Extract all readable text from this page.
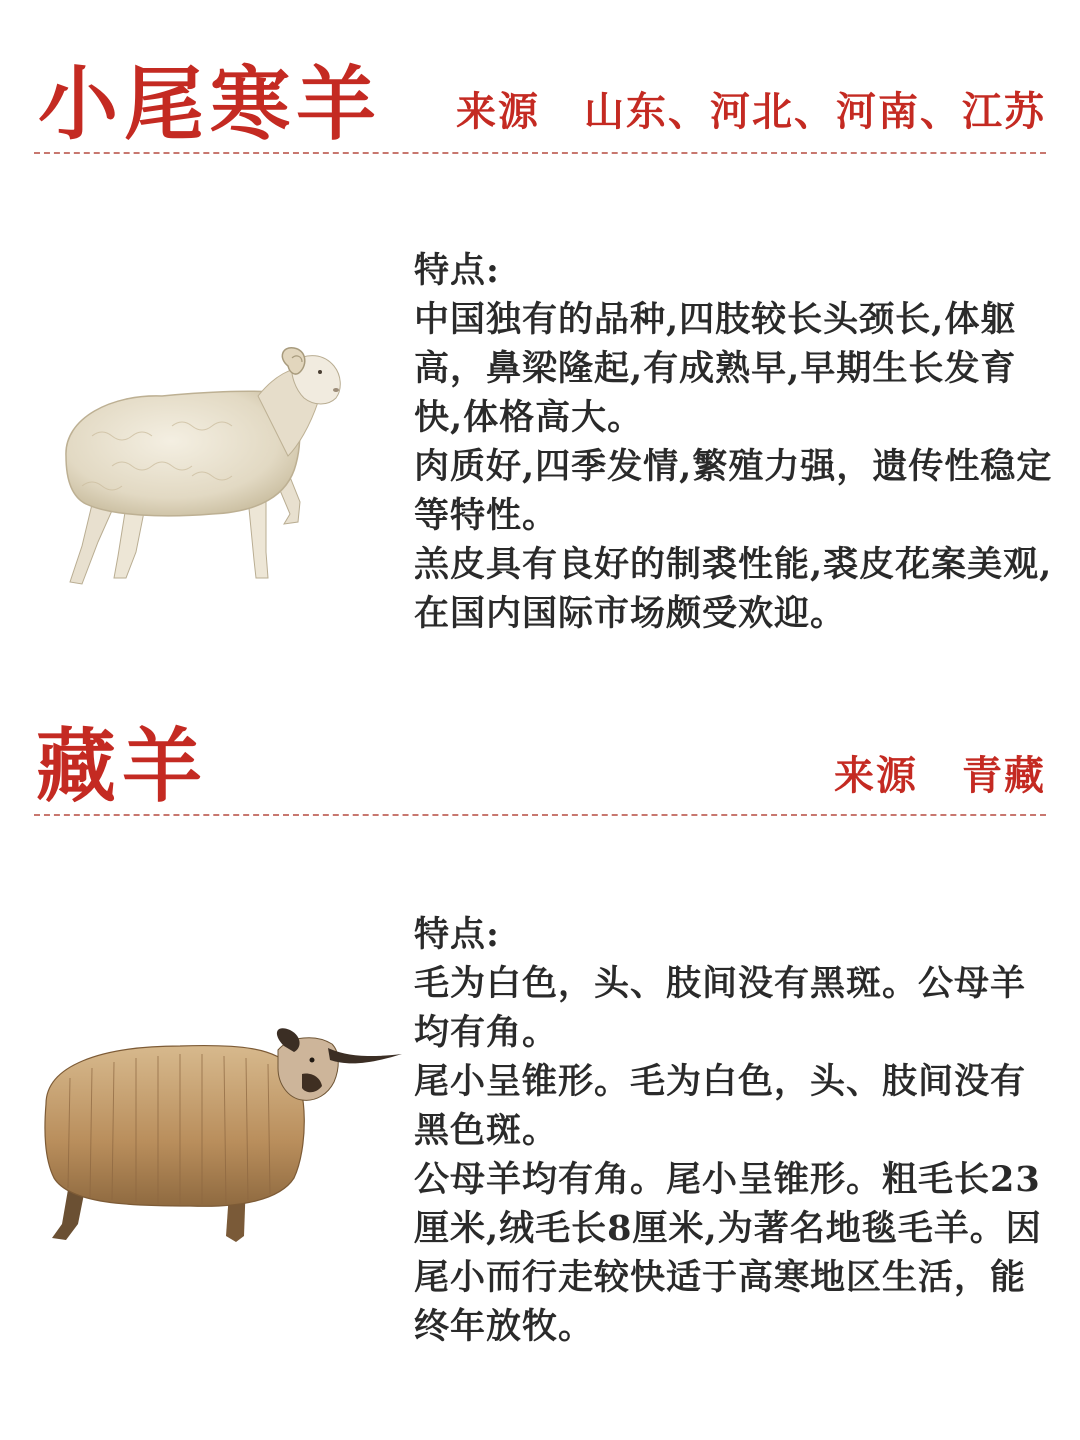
小尾寒羊 来源 山东、河北、河南、江苏

特点:

中国独有的品种,四肢较长头颈长,体躯高，鼻梁隆起,有成熟早,早期生长发育快,体格高大。

肉质好,四季发情,繁殖力强，遗传性稳定等特性。

羔皮具有良好的制裘性能,裘皮花案美观,在国内国际市场颇受欢迎。

藏羊	来源 青藏

特点:

毛为白色，头、肢间没有黑斑。公母羊均有角。

尾小呈锥形。毛为白色，头、肢间没有黑色斑。

公母羊均有角。尾小呈锥形。粗毛长23厘米,绒毛长8厘米,为著名地毯毛羊。因尾小而行走较快适于高寒地区生活，能终年放牧。
